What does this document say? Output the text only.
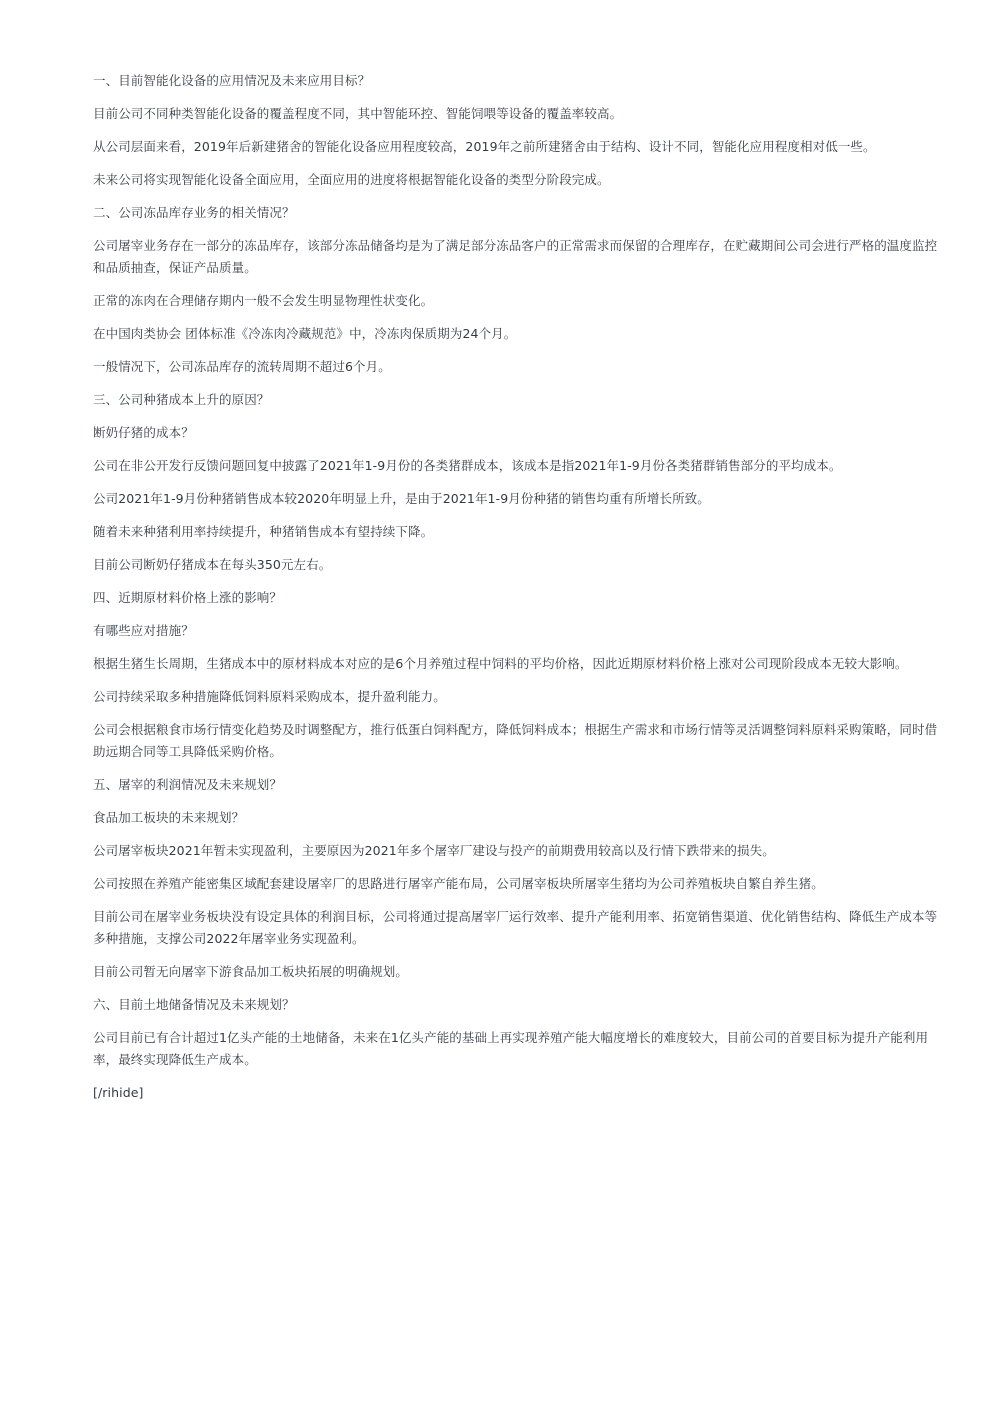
一、目前智能化设备的应用情况及未来应用目标？

目前公司不同种类智能化设备的覆盖程度不同，其中智能环控、智能饲喂等设备的覆盖率较高。

从公司层面来看，2019年后新建猪舍的智能化设备应用程度较高，2019年之前所建猪舍由于结构、设计不同，智能化应用程度相对低一些。

未来公司将实现智能化设备全面应用，全面应用的进度将根据智能化设备的类型分阶段完成。

二、公司冻品库存业务的相关情况？

公司屠宰业务存在一部分的冻品库存，该部分冻品储备均是为了满足部分冻品客户的正常需求而保留的合理库存，在贮藏期间公司会进行严格的温度监控和品质抽查，保证产品质量。

正常的冻肉在合理储存期内一般不会发生明显物理性状变化。

在中国肉类协会 团体标准《冷冻肉冷藏规范》中，冷冻肉保质期为24个月。

一般情况下，公司冻品库存的流转周期不超过6个月。

三、公司种猪成本上升的原因？

断奶仔猪的成本？

公司在非公开发行反馈问题回复中披露了2021年1-9月份的各类猪群成本，该成本是指2021年1-9月份各类猪群销售部分的平均成本。

公司2021年1-9月份种猪销售成本较2020年明显上升，是由于2021年1-9月份种猪的销售均重有所增长所致。

随着未来种猪利用率持续提升，种猪销售成本有望持续下降。

目前公司断奶仔猪成本在每头350元左右。

四、近期原材料价格上涨的影响？

有哪些应对措施？

根据生猪生长周期，生猪成本中的原材料成本对应的是6个月养殖过程中饲料的平均价格，因此近期原材料价格上涨对公司现阶段成本无较大影响。

公司持续采取多种措施降低饲料原料采购成本，提升盈利能力。

公司会根据粮食市场行情变化趋势及时调整配方，推行低蛋白饲料配方，降低饲料成本；根据生产需求和市场行情等灵活调整饲料原料采购策略，同时借助远期合同等工具降低采购价格。

五、屠宰的利润情况及未来规划？

食品加工板块的未来规划？

公司屠宰板块2021年暂未实现盈利，主要原因为2021年多个屠宰厂建设与投产的前期费用较高以及行情下跌带来的损失。

公司按照在养殖产能密集区域配套建设屠宰厂的思路进行屠宰产能布局，公司屠宰板块所屠宰生猪均为公司养殖板块自繁自养生猪。

目前公司在屠宰业务板块没有设定具体的利润目标，公司将通过提高屠宰厂运行效率、提升产能利用率、拓宽销售渠道、优化销售结构、降低生产成本等多种措施，支撑公司2022年屠宰业务实现盈利。

目前公司暂无向屠宰下游食品加工板块拓展的明确规划。

六、目前土地储备情况及未来规划？

公司目前已有合计超过1亿头产能的土地储备，未来在1亿头产能的基础上再实现养殖产能大幅度增长的难度较大，目前公司的首要目标为提升产能利用率，最终实现降低生产成本。

[/rihide]
